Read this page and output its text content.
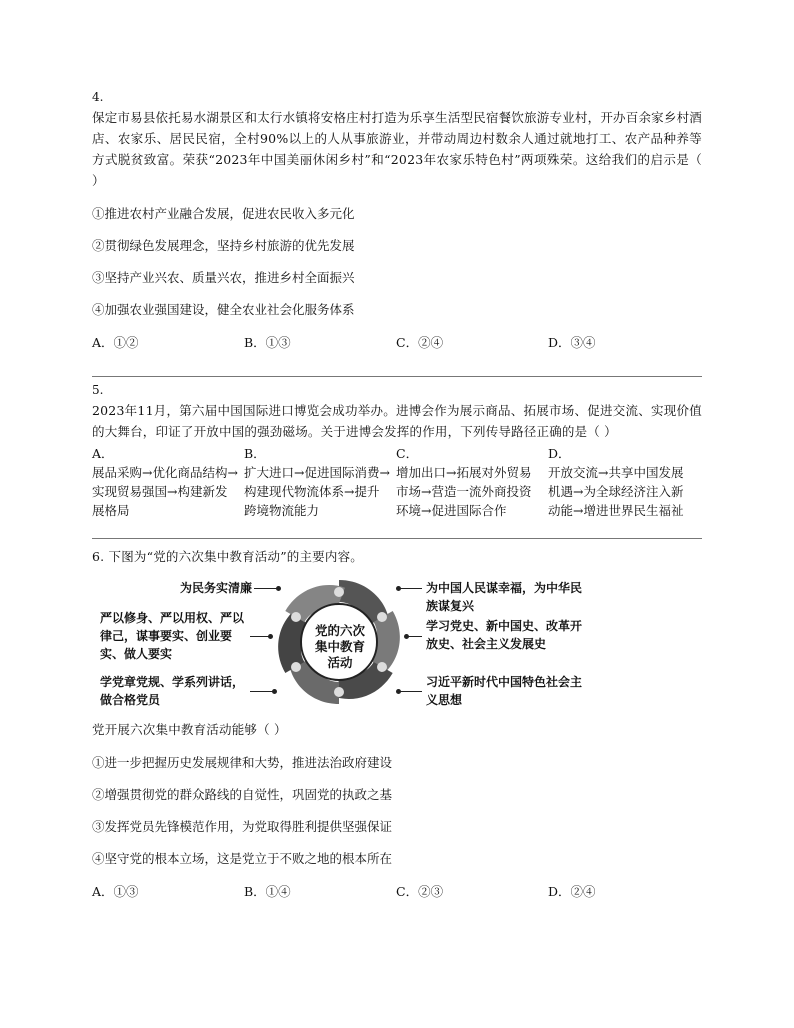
4.
保定市易县依托易水湖景区和太行水镇将安格庄村打造为乐享生活型民宿餐饮旅游专业村，开办百余家乡村酒店、农家乐、居民民宿，全村90%以上的人从事旅游业，并带动周边村数余人通过就地打工、农产品种养等方式脱贫致富。荣获“2023年中国美丽休闲乡村”和“2023年农家乐特色村”两项殊荣。这给我们的启示是（ ）
①推进农村产业融合发展，促进农民收入多元化
②贯彻绿色发展理念，坚持乡村旅游的优先发展
③坚持产业兴农、质量兴农，推进乡村全面振兴
④加强农业强国建设，健全农业社会化服务体系
A．①②	B．①③	C．②④	D．③④
5.
2023年11月，第六届中国国际进口博览会成功举办。进博会作为展示商品、拓展市场、促进交流、实现价值的大舞台，印证了开放中国的强劲磁场。关于进博会发挥的作用，下列传导路径正确的是（ ）
A．
展品采购→优化商品结构→实现贸易强国→构建新发展格局
B．
扩大进口→促进国际消费→构建现代物流体系→提升跨境物流能力
C．
增加出口→拓展对外贸易市场→营造一流外商投资环境→促进国际合作
D．
开放交流→共享中国发展机遇→为全球经济注入新动能→增进世界民生福祉
6. 下图为“党的六次集中教育活动”的主要内容。
为民务实清廉
严以修身、严以用权、严以律己，谋事要实、创业要实、做人要实
学党章党规、学系列讲话，做合格党员
为中国人民谋幸福，为中华民族谋复兴
学习党史、新中国史、改革开放史、社会主义发展史
习近平新时代中国特色社会主义思想
党的六次集中教育活动
党开展六次集中教育活动能够（ ）
①进一步把握历史发展规律和大势，推进法治政府建设
②增强贯彻党的群众路线的自觉性，巩固党的执政之基
③发挥党员先锋模范作用，为党取得胜利提供坚强保证
④坚守党的根本立场，这是党立于不败之地的根本所在
A．①③	B．①④	C．②③	D．②④
